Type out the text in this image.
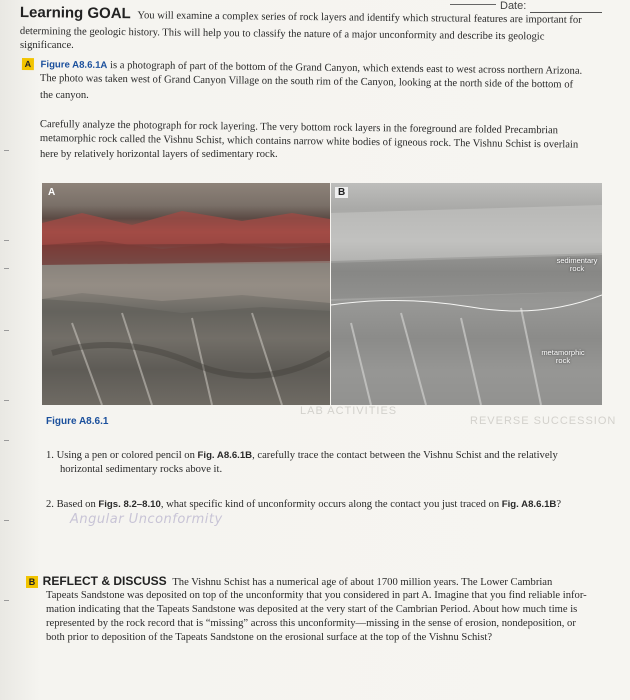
Date:
Learning GOAL You will examine a complex series of rock layers and identify which structural features are important for
determining the geologic history. This will help you to classify the nature of a major unconformity and describe its geologic
significance.
A Figure A8.6.1A is a photograph of part of the bottom of the Grand Canyon, which extends east to west across northern Arizona.
The photo was taken west of Grand Canyon Village on the south rim of the Canyon, looking at the north side of the bottom of
the canyon.
Carefully analyze the photograph for rock layering. The very bottom rock layers in the foreground are folded Precambrian
metamorphic rock called the Vishnu Schist, which contains narrow white bodies of igneous rock. The Vishnu Schist is overlain
here by relatively horizontal layers of sedimentary rock.
A	B
sedimentary rock
metamorphic rock
Figure A8.6.1
LAB ACTIVITIES
REVERSE SUCCESSION
1. Using a pen or colored pencil on Fig. A8.6.1B, carefully trace the contact between the Vishnu Schist and the relatively
horizontal sedimentary rocks above it.
2. Based on Figs. 8.2–8.10, what specific kind of unconformity occurs along the contact you just traced on Fig. A8.6.1B?
Angular Unconformity
B REFLECT & DISCUSS The Vishnu Schist has a numerical age of about 1700 million years. The Lower Cambrian
Tapeats Sandstone was deposited on top of the unconformity that you considered in part A. Imagine that you find reliable infor-
mation indicating that the Tapeats Sandstone was deposited at the very start of the Cambrian Period. About how much time is
represented by the rock record that is “missing” across this unconformity—missing in the sense of erosion, nondeposition, or
both prior to deposition of the Tapeats Sandstone on the erosional surface at the top of the Vishnu Schist?
